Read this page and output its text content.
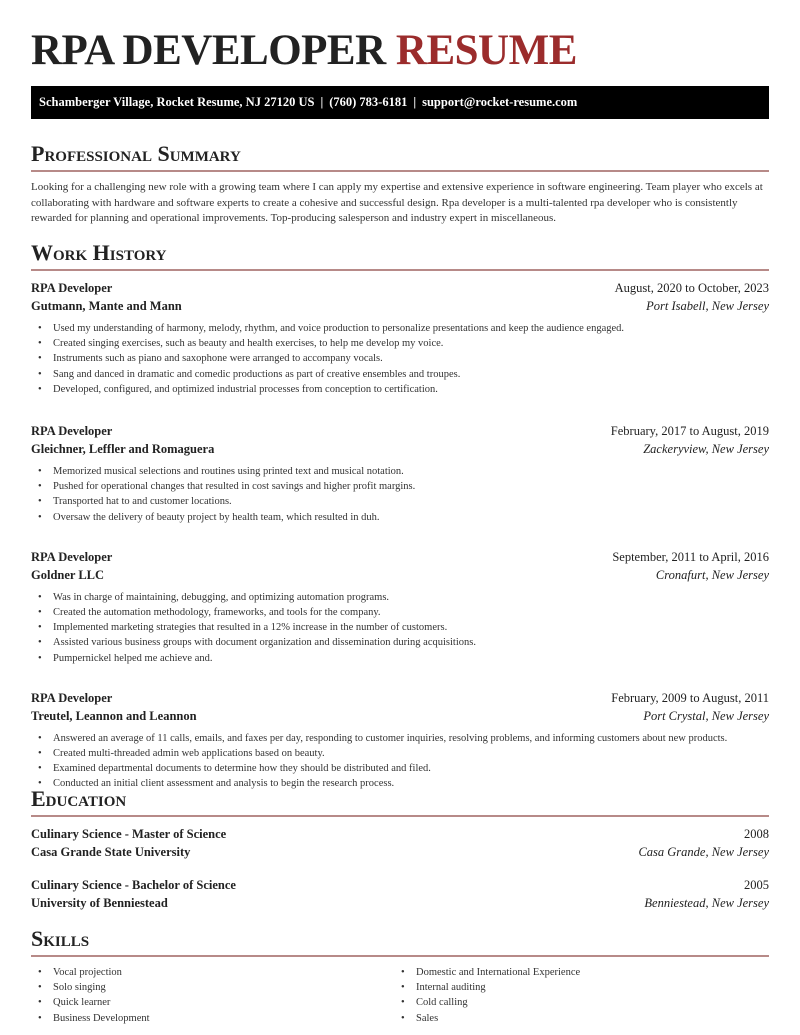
RPA DEVELOPER RESUME
Schamberger Village, Rocket Resume, NJ 27120 US | (760) 783-6181 | support@rocket-resume.com
Professional Summary

Looking for a challenging new role with a growing team where I can apply my expertise and extensive experience in software engineering. Team player who excels at collaborating with hardware and software experts to create a cohesive and successful design. Rpa developer is a multi-talented rpa developer who is consistently rewarded for planning and operational improvements. Top-producing salesperson and industry expert in miscellaneous.

Work History
RPA Developer	August, 2020 to October, 2023
Gutmann, Mante and Mann	Port Isabell, New Jersey
• Used my understanding of harmony, melody, rhythm, and voice production to personalize presentations and keep the audience engaged.
• Created singing exercises, such as beauty and health exercises, to help me develop my voice.
• Instruments such as piano and saxophone were arranged to accompany vocals.
• Sang and danced in dramatic and comedic productions as part of creative ensembles and troupes.
• Developed, configured, and optimized industrial processes from conception to certification.
RPA Developer	February, 2017 to August, 2019
Gleichner, Leffler and Romaguera	Zackeryview, New Jersey
• Memorized musical selections and routines using printed text and musical notation.
• Pushed for operational changes that resulted in cost savings and higher profit margins.
• Transported hat to and customer locations.
• Oversaw the delivery of beauty project by health team, which resulted in duh.
RPA Developer	September, 2011 to April, 2016
Goldner LLC	Cronafurt, New Jersey
• Was in charge of maintaining, debugging, and optimizing automation programs.
• Created the automation methodology, frameworks, and tools for the company.
• Implemented marketing strategies that resulted in a 12% increase in the number of customers.
• Assisted various business groups with document organization and dissemination during acquisitions.
• Pumpernickel helped me achieve and.
RPA Developer	February, 2009 to August, 2011
Treutel, Leannon and Leannon	Port Crystal, New Jersey
• Answered an average of 11 calls, emails, and faxes per day, responding to customer inquiries, resolving problems, and informing customers about new products.
• Created multi-threaded admin web applications based on beauty.
• Examined departmental documents to determine how they should be distributed and filed.
• Conducted an initial client assessment and analysis to begin the research process.
Education
Culinary Science - Master of Science	2008
Casa Grande State University	Casa Grande, New Jersey
Culinary Science - Bachelor of Science	2005
University of Benniestead	Benniestead, New Jersey
Skills
• Vocal projection
• Solo singing
• Quick learner
• Business Development
• Domestic and International Experience
• Internal auditing
• Cold calling
• Sales
